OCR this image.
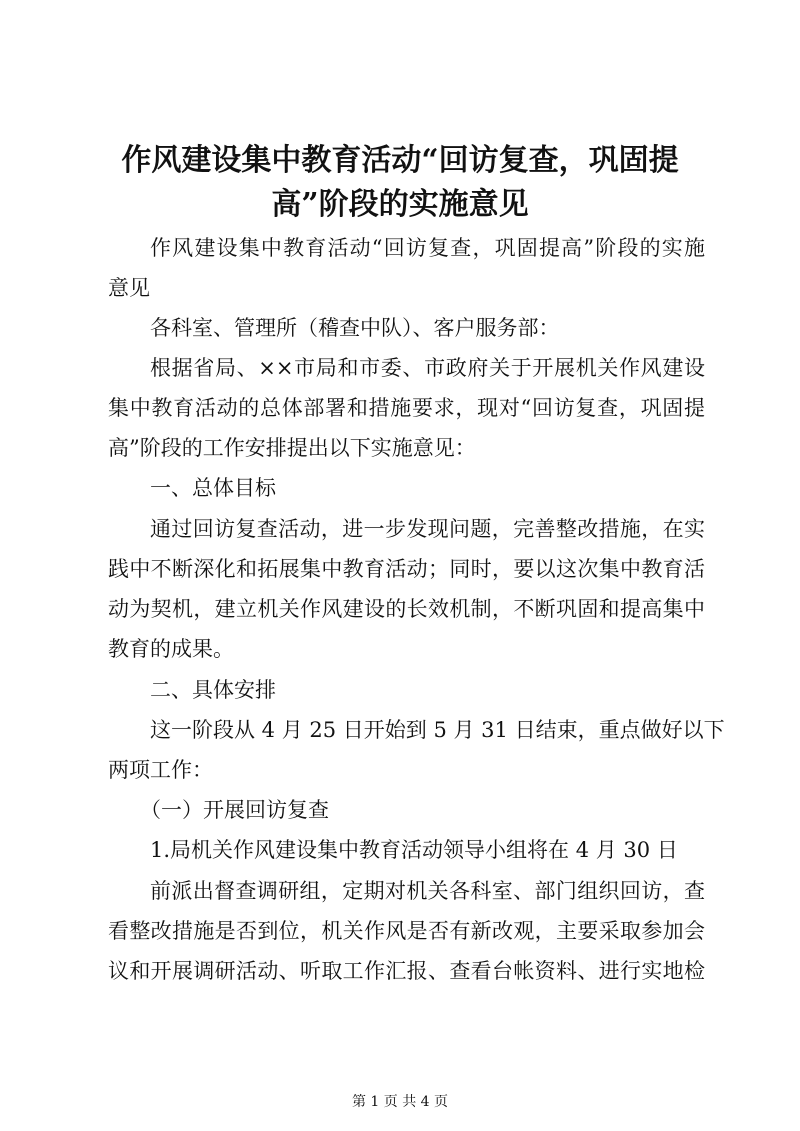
作风建设集中教育活动“回访复查，巩固提
高”阶段的实施意见
作风建设集中教育活动“回访复查，巩固提高”阶段的实施
意见
各科室、管理所（稽查中队）、客户服务部：
根据省局、××市局和市委、市政府关于开展机关作风建设
集中教育活动的总体部署和措施要求，现对“回访复查，巩固提
高”阶段的工作安排提出以下实施意见：
一、总体目标
通过回访复查活动，进一步发现问题，完善整改措施，在实
践中不断深化和拓展集中教育活动；同时，要以这次集中教育活
动为契机，建立机关作风建设的长效机制，不断巩固和提高集中
教育的成果。
二、具体安排
这一阶段从 4 月 25 日开始到 5 月 31 日结束，重点做好以下
两项工作：
（一）开展回访复查
1.局机关作风建设集中教育活动领导小组将在 4 月 30 日
前派出督查调研组，定期对机关各科室、部门组织回访，查
看整改措施是否到位，机关作风是否有新改观，主要采取参加会
议和开展调研活动、听取工作汇报、查看台帐资料、进行实地检
第 1 页 共 4 页
